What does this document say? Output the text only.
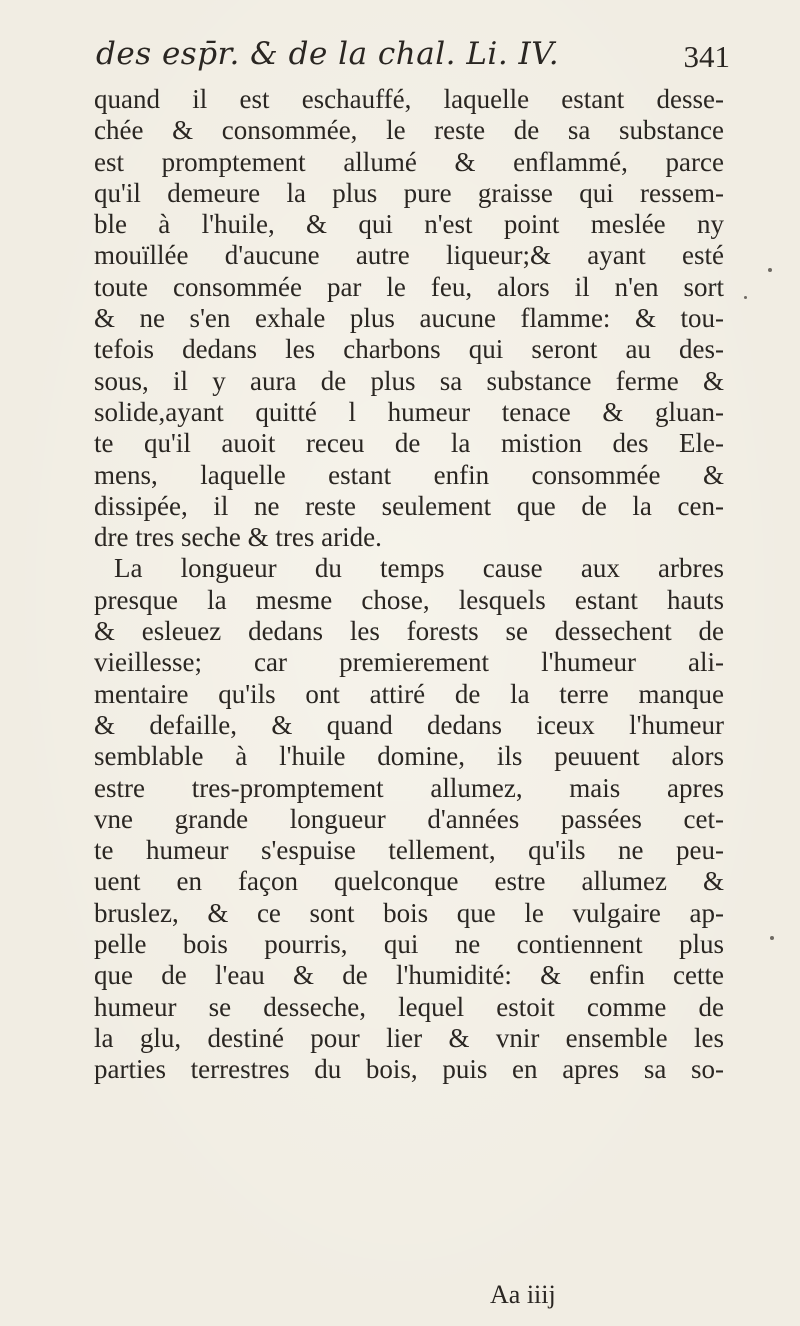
des esp̄r. & de la chal. Li. IV.	341
quand il est eschauffé, laquelle estant desse-
chée & consommée, le reste de sa substance
est promptement allumé & enflammé, parce
qu'il demeure la plus pure graisse qui ressem-
ble à l'huile, & qui n'est point meslée ny
mouïllée d'aucune autre liqueur;& ayant esté
toute consommée par le feu, alors il n'en sort
& ne s'en exhale plus aucune flamme: & tou-
tefois dedans les charbons qui seront au des-
sous, il y aura de plus sa substance ferme &
solide,ayant quitté l humeur tenace & gluan-
te qu'il auoit receu de la mistion des Ele-
mens, laquelle estant enfin consommée &
dissipée, il ne reste seulement que de la cen-
dre tres seche & tres aride.
La longueur du temps cause aux arbres
presque la mesme chose, lesquels estant hauts
& esleuez dedans les forests se dessechent de
vieillesse; car premierement l'humeur ali-
mentaire qu'ils ont attiré de la terre manque
& defaille, & quand dedans iceux l'humeur
semblable à l'huile domine, ils peuuent alors
estre tres-promptement allumez, mais apres
vne grande longueur d'années passées cet-
te humeur s'espuise tellement, qu'ils ne peu-
uent en façon quelconque estre allumez &
bruslez, & ce sont bois que le vulgaire ap-
pelle bois pourris, qui ne contiennent plus
que de l'eau & de l'humidité: & enfin cette
humeur se desseche, lequel estoit comme de
la glu, destiné pour lier & vnir ensemble les
parties terrestres du bois, puis en apres sa so-
Aa iiij
